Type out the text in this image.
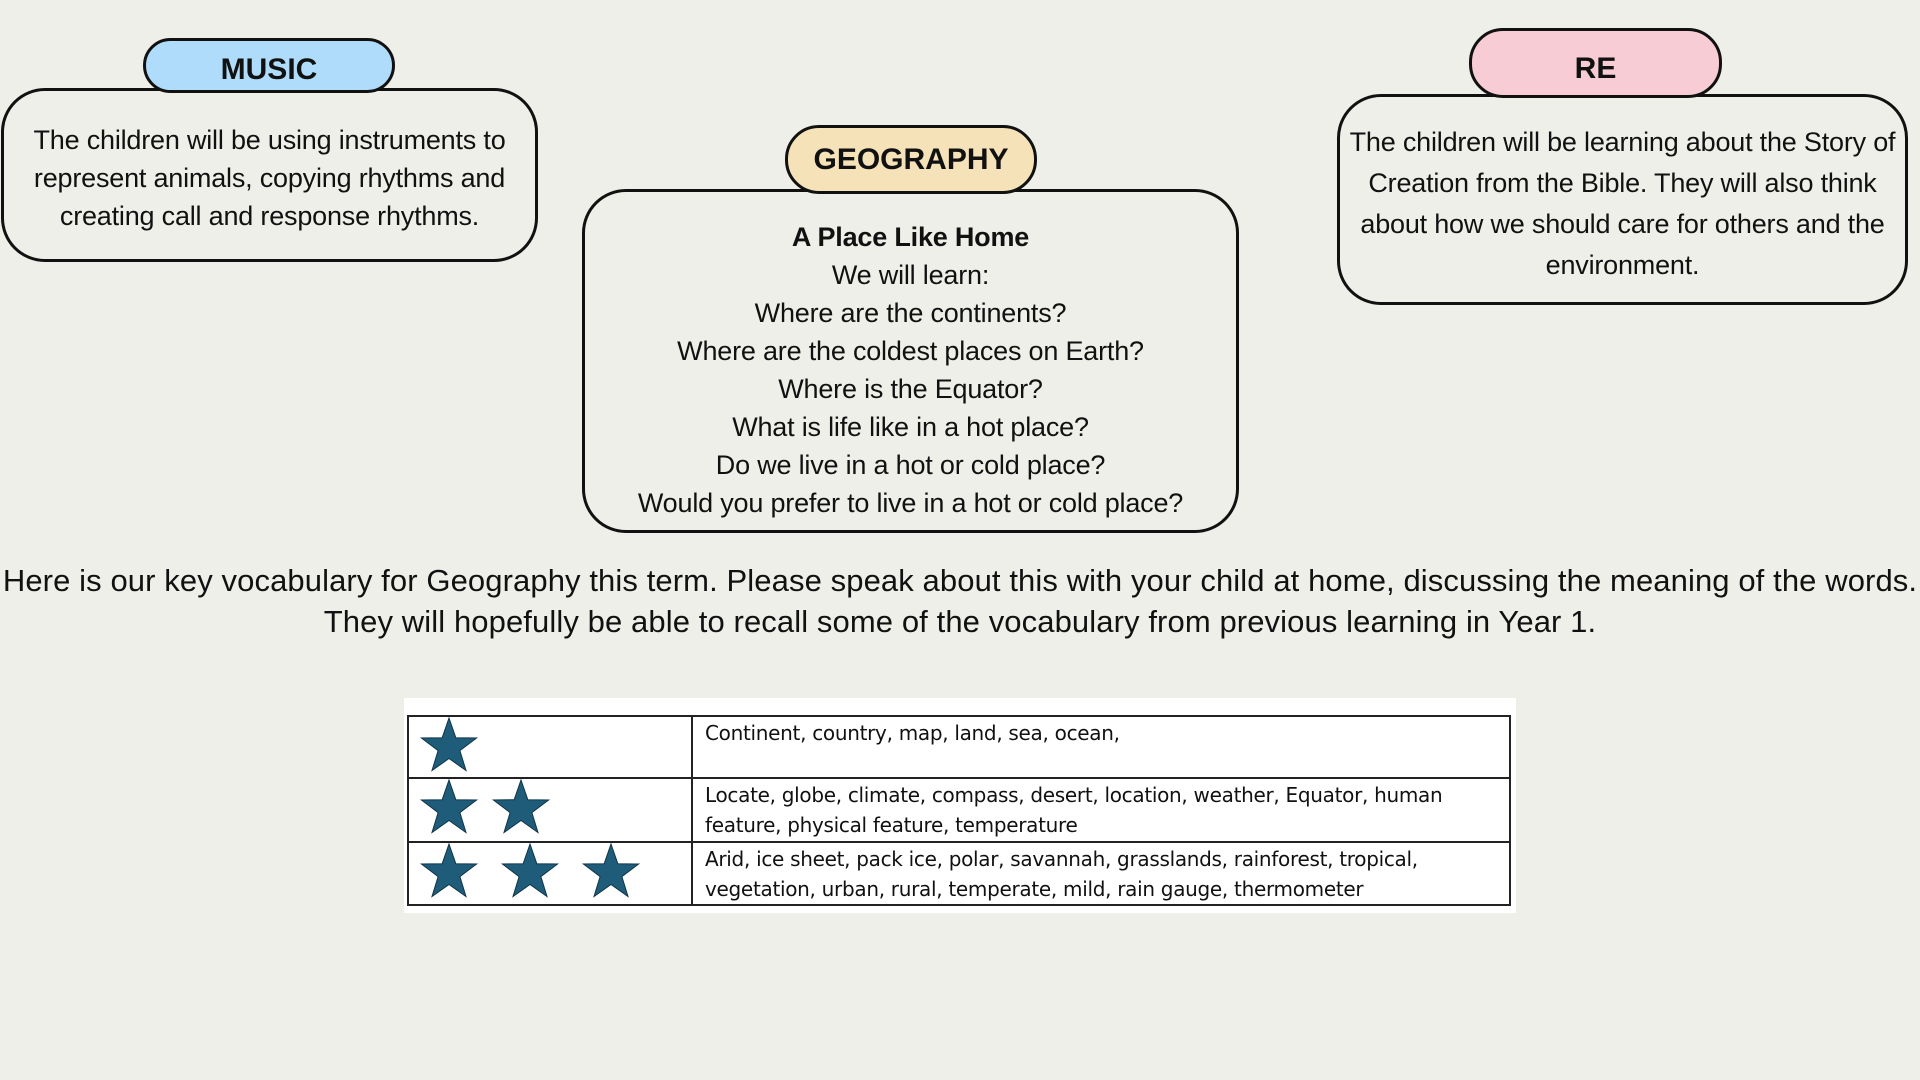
MUSIC
The children will be using instruments to represent animals, copying rhythms and creating call and response rhythms.
GEOGRAPHY
A Place Like Home
We will learn:
Where are the continents?
Where are the coldest places on Earth?
Where is the Equator?
What is life like in a hot place?
Do we live in a hot or cold place?
Would you prefer to live in a hot or cold place?
RE
The children will be learning about the Story of Creation from the Bible. They will also think about how we should care for others and the environment.
Here is our key vocabulary for Geography this term. Please speak about this with your child at home, discussing the meaning of the words. They will hopefully be able to recall some of the vocabulary from previous learning in Year 1.
	Continent, country, map, land, sea, ocean,

	Locate, globe, climate, compass, desert, location, weather, Equator, human feature, physical feature, temperature

	Arid, ice sheet, pack ice, polar, savannah, grasslands, rainforest, tropical, vegetation, urban, rural, temperate, mild, rain gauge, thermometer
